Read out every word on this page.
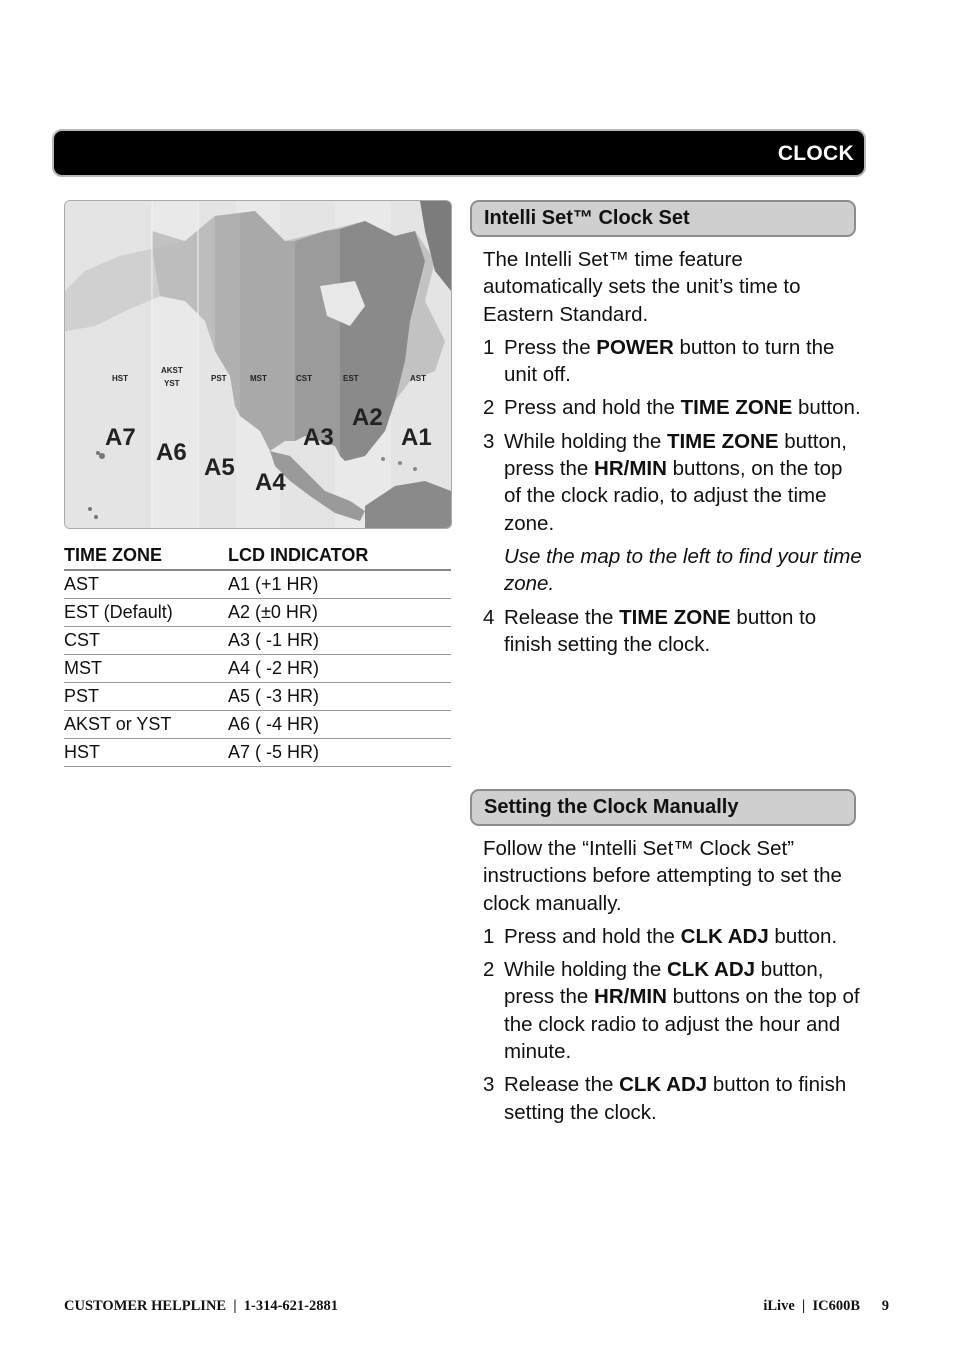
CLOCK
HST
AKST
YST
PST	MST	CST	EST	AST
A7
A6
A5
A4
A3
A2
A1
TIME ZONE	LCD INDICATOR
AST	A1 (+1 HR)
EST (Default)	A2 (±0 HR)
CST	A3 ( -1 HR)
MST	A4 ( -2 HR)
PST	A5 ( -3 HR)
AKST or YST	A6 ( -4 HR)
HST	A7 ( -5 HR)
Intelli Set™ Clock Set

The Intelli Set™ time feature automatically sets the unit’s time to Eastern Standard.

1 Press the POWER button to turn the unit off.
2 Press and hold the TIME ZONE button.
3 While holding the TIME ZONE button, press the HR/MIN buttons, on the top of the clock radio, to adjust the time zone.

Use the map to the left to find your time zone.

4 Release the TIME ZONE button to finish setting the clock.
Setting the Clock Manually

Follow the “Intelli Set™ Clock Set” instructions before attempting to set the clock manually.

1 Press and hold the CLK ADJ button.
2 While holding the CLK ADJ button, press the HR/MIN buttons on the top of the clock radio to adjust the hour and minute.
3 Release the CLK ADJ button to finish setting the clock.
CUSTOMER HELPLINE  |  1-314-621-2881	iLive  |  IC600B      9
